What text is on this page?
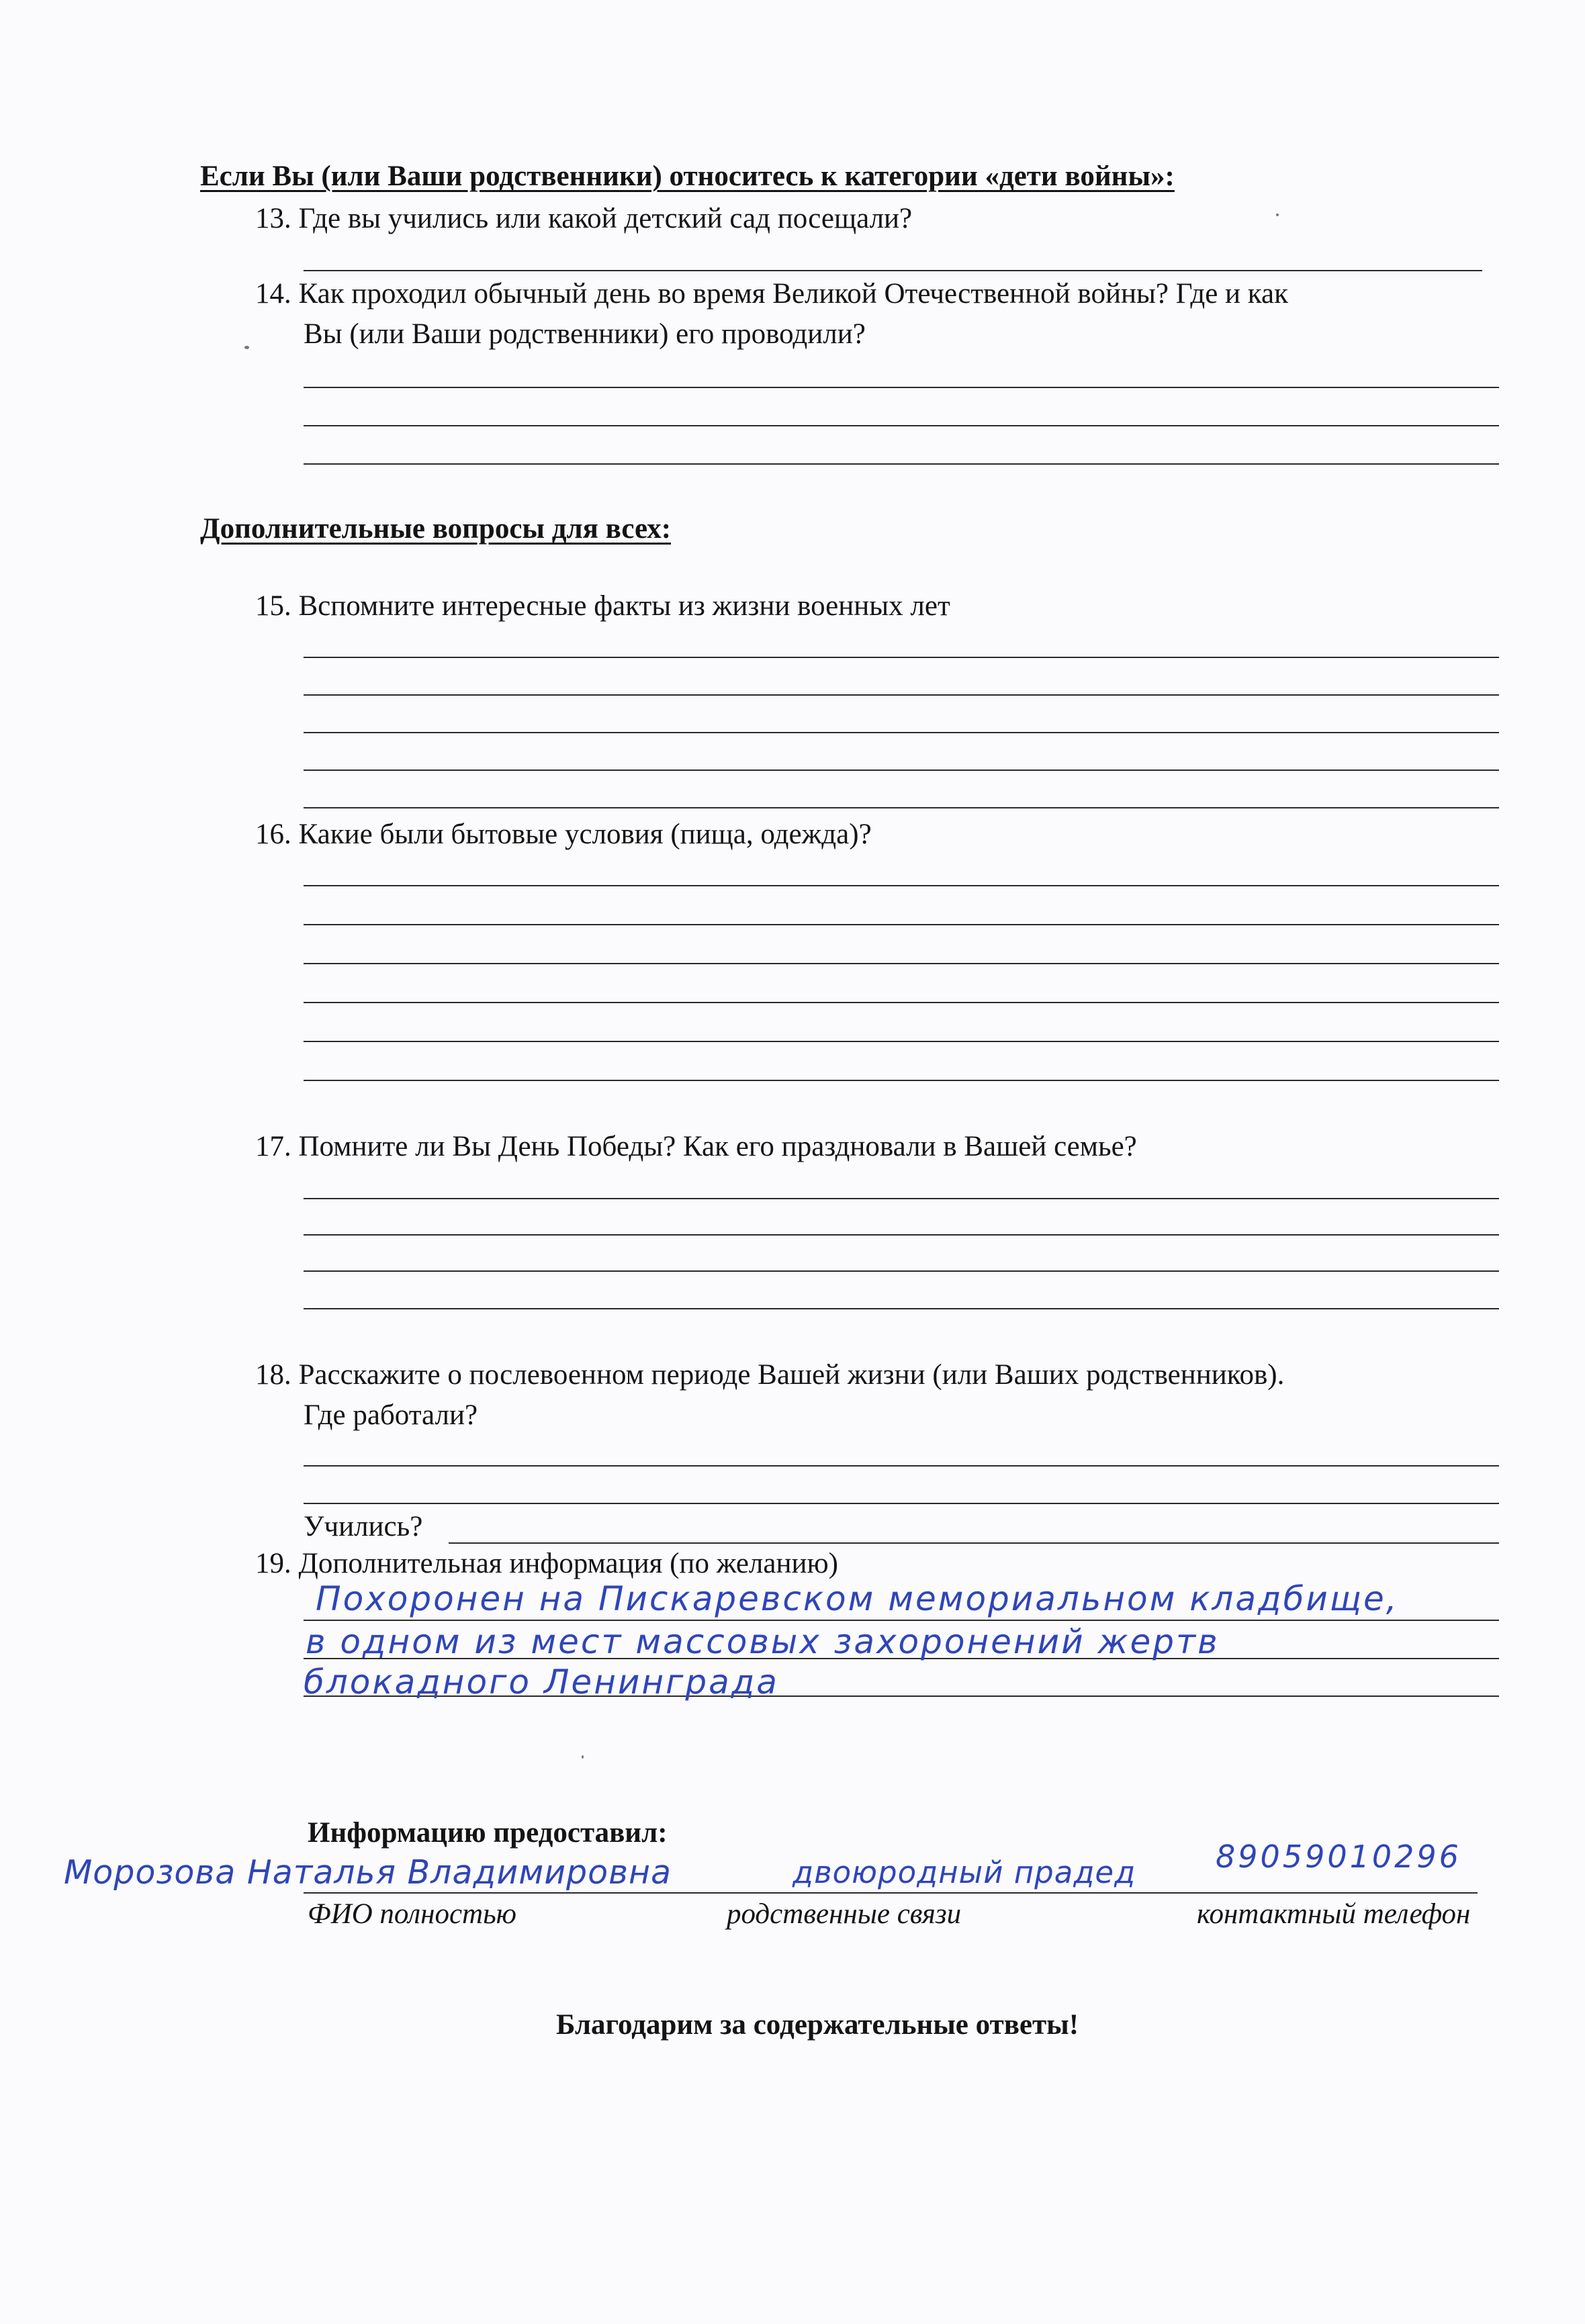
Если Вы (или Ваши родственники) относитесь к категории «дети войны»:
13. Где вы учились или какой детский сад посещали?
14. Как проходил обычный день во время Великой Отечественной войны? Где и как
Вы (или Ваши родственники) его проводили?
Дополнительные вопросы для всех:
15. Вспомните интересные факты из жизни военных лет
16. Какие были бытовые условия (пища, одежда)?
17. Помните ли Вы День Победы? Как его праздновали в Вашей семье?
18. Расскажите о послевоенном периоде Вашей жизни (или Ваших родственников).
Где работали?
Учились?
19. Дополнительная информация (по желанию)
Похоронен на Пискаревском мемориальном кладбище,
в одном из мест массовых захоронений жертв
блокадного Ленинграда
Информацию предоставил:
Морозова Наталья Владимировна	двоюродный прадед	89059010296
ФИО полностью	родственные связи	контактный телефон
Благодарим за содержательные ответы!
